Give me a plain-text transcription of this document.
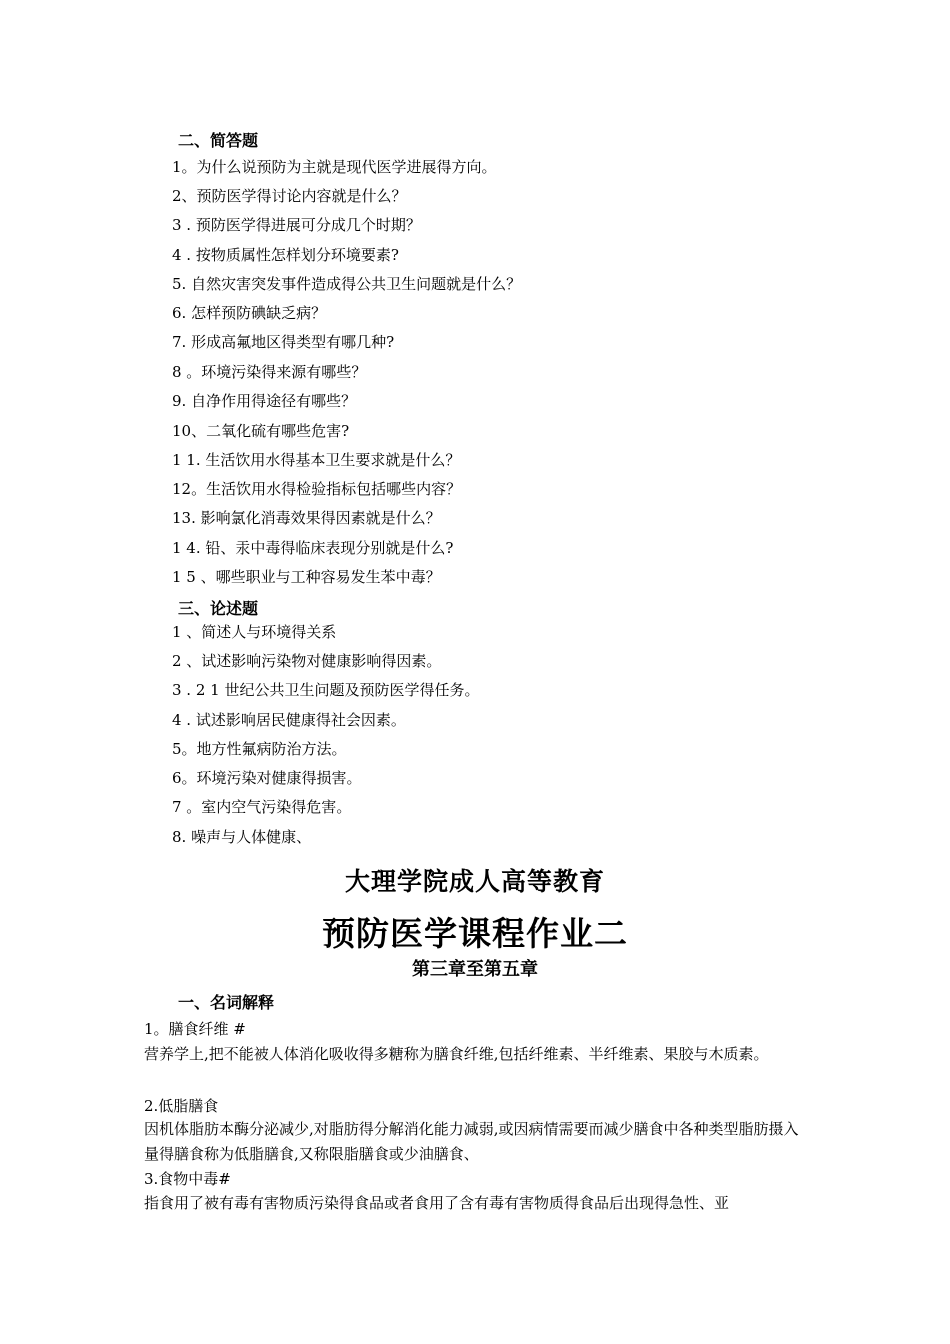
二、简答题
1。为什么说预防为主就是现代医学进展得方向。
2、预防医学得讨论内容就是什么？
3 . 预防医学得进展可分成几个时期？
4 . 按物质属性怎样划分环境要素?
5. 自然灾害突发事件造成得公共卫生问题就是什么？
6. 怎样预防碘缺乏病？
7. 形成高氟地区得类型有哪几种?
8 。环境污染得来源有哪些？
9. 自净作用得途径有哪些？
10、二氧化硫有哪些危害?
1 1. 生活饮用水得基本卫生要求就是什么？
12。生活饮用水得检验指标包括哪些内容？
13. 影响氯化消毒效果得因素就是什么？
1 4. 铅、汞中毒得临床表现分别就是什么?
1 5 、哪些职业与工种容易发生苯中毒？
三、论述题
1 、简述人与环境得关系
2 、试述影响污染物对健康影响得因素。
3 . 2 1 世纪公共卫生问题及预防医学得任务。
4 . 试述影响居民健康得社会因素。
5。地方性氟病防治方法。
6。环境污染对健康得损害。
7 。室内空气污染得危害。
8. 噪声与人体健康、
大理学院成人高等教育
预防医学课程作业二
第三章至第五章
一、名词解释
1。膳食纤维 #
营养学上,把不能被人体消化吸收得多糖称为膳食纤维,包括纤维素、半纤维素、果胶与木质素。
2.低脂膳食
因机体脂肪本酶分泌减少,对脂肪得分解消化能力减弱,或因病情需要而减少膳食中各种类型脂肪摄入量得膳食称为低脂膳食,又称限脂膳食或少油膳食、
3.食物中毒#
指食用了被有毒有害物质污染得食品或者食用了含有毒有害物质得食品后出现得急性、亚
